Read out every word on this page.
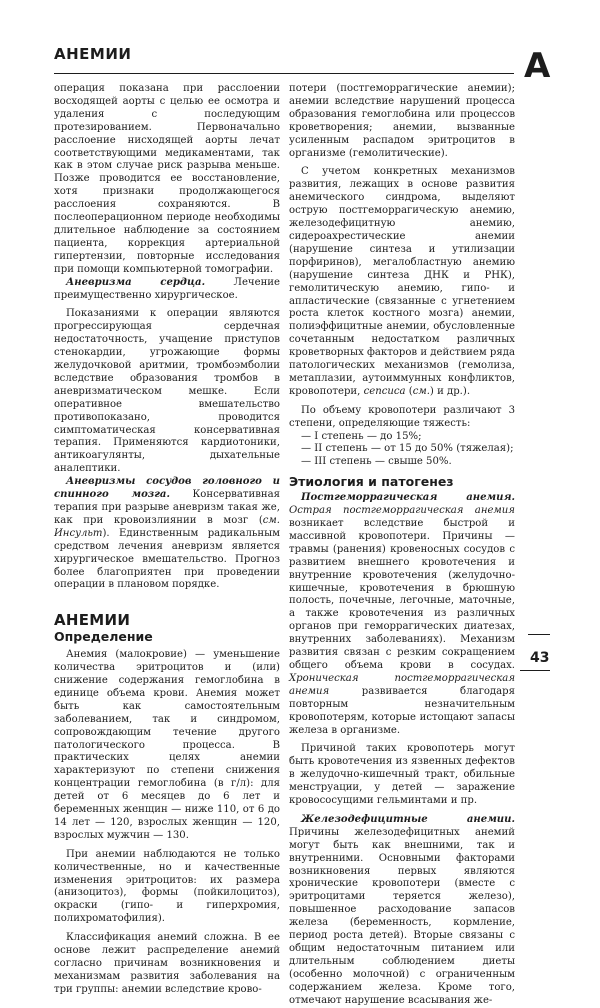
АНЕМИИ	А

операция показана при расслоении восходящей аорты с целью ее осмотра и удаления с последующим протезированием. Первоначально расслоение нисходящей аорты лечат соответствующими медикаментами, так как в этом случае риск разрыва меньше. Позже проводится ее восстановление, хотя признаки продолжающегося расслоения сохраняются. В послеоперационном периоде необходимы длительное наблюдение за состоянием пациента, коррекция артериальной гипертензии, повторные исследования при помощи компьютерной томографии.

Аневризма сердца. Лечение преимущественно хирургическое.

Показаниями к операции являются прогрессирующая сердечная недостаточность, учащение приступов стенокардии, угрожающие формы желудочковой аритмии, тромбоэмболии вследствие образования тромбов в аневризматическом мешке. Если оперативное вмешательство противопоказано, проводится симптоматическая консервативная терапия. Применяются кардиотоники, антикоагулянты, дыхательные аналептики.

Аневризмы сосудов головного и спинного мозга. Консервативная терапия при разрыве аневризм такая же, как при кровоизлиянии в мозг (см. Инсульт). Единственным радикальным средством лечения аневризм является хирургическое вмешательство. Прогноз более благоприятен при проведении операции в плановом порядке.

АНЕМИИ
Определение

Анемия (малокровие) — уменьшение количества эритроцитов и (или) снижение содержания гемоглобина в единице объема крови. Анемия может быть как самостоятельным заболеванием, так и синдромом, сопровождающим течение другого патологического процесса. В практических целях анемии характеризуют по степени снижения концентрации гемоглобина (в г/л): для детей от 6 месяцев до 6 лет и беременных женщин — ниже 110, от 6 до 14 лет — 120, взрослых женщин — 120, взрослых мужчин — 130.

При анемии наблюдаются не только количественные, но и качественные изменения эритроцитов: их размера (анизоцитоз), формы (пойкилоцитоз), окраски (гипо- и гиперхромия, полихроматофилия).

Классификация анемий сложна. В ее основе лежит распределение анемий согласно причинам возникновения и механизмам развития заболевания на три группы: анемии вследствие крово-

потери (постгеморрагические анемии); анемии вследствие нарушений процесса образования гемоглобина или процессов кроветворения; анемии, вызванные усиленным распадом эритроцитов в организме (гемолитические).

С учетом конкретных механизмов развития, лежащих в основе развития анемического синдрома, выделяют острую постгеморрагическую анемию, железодефицитную анемию, сидероахрестические анемии (нарушение синтеза и утилизации порфиринов), мегалобластную анемию (нарушение синтеза ДНК и РНК), гемолитическую анемию, гипо- и апластические (связанные с угнетением роста клеток костного мозга) анемии, полиэффицитные анемии, обусловленные сочетанным недостатком различных кроветворных факторов и действием ряда патологических механизмов (гемолиза, метаплазии, аутоиммунных конфликтов, кровопотери, сепсиса (см.) и др.).

По объему кровопотери различают 3 степени, определяющие тяжесть:

— I степень — до 15%;

— II степень — от 15 до 50% (тяжелая);

— III степень — свыше 50%.

Этиология и патогенез

Постгеморрагическая анемия. Острая постгеморрагическая анемия возникает вследствие быстрой и массивной кровопотери. Причины — травмы (ранения) кровеносных сосудов с развитием внешнего кровотечения и внутренние кровотечения (желудочно-кишечные, кровотечения в брюшную полость, почечные, легочные, маточные, а также кровотечения из различных органов при геморрагических диатезах, внутренних заболеваниях). Механизм развития связан с резким сокращением общего объема крови в сосудах. Хроническая постгеморрагическая анемия развивается благодаря повторным незначительным кровопотерям, которые истощают запасы железа в организме.

Причиной таких кровопотерь могут быть кровотечения из язвенных дефектов в желудочно-кишечный тракт, обильные менструации, у детей — заражение кровососущими гельминтами и пр.

Железодефицитные анемии. Причины железодефицитных анемий могут быть как внешними, так и внутренними. Основными факторами возникновения первых являются хронические кровопотери (вместе с эритроцитами теряется железо), повышенное расходование запасов железа (беременность, кормление, период роста детей). Вторые связаны с общим недостаточным питанием или длительным соблюдением диеты (особенно молочной) с ограниченным содержанием железа. Кроме того, отмечают нарушение всасывания же-

43
